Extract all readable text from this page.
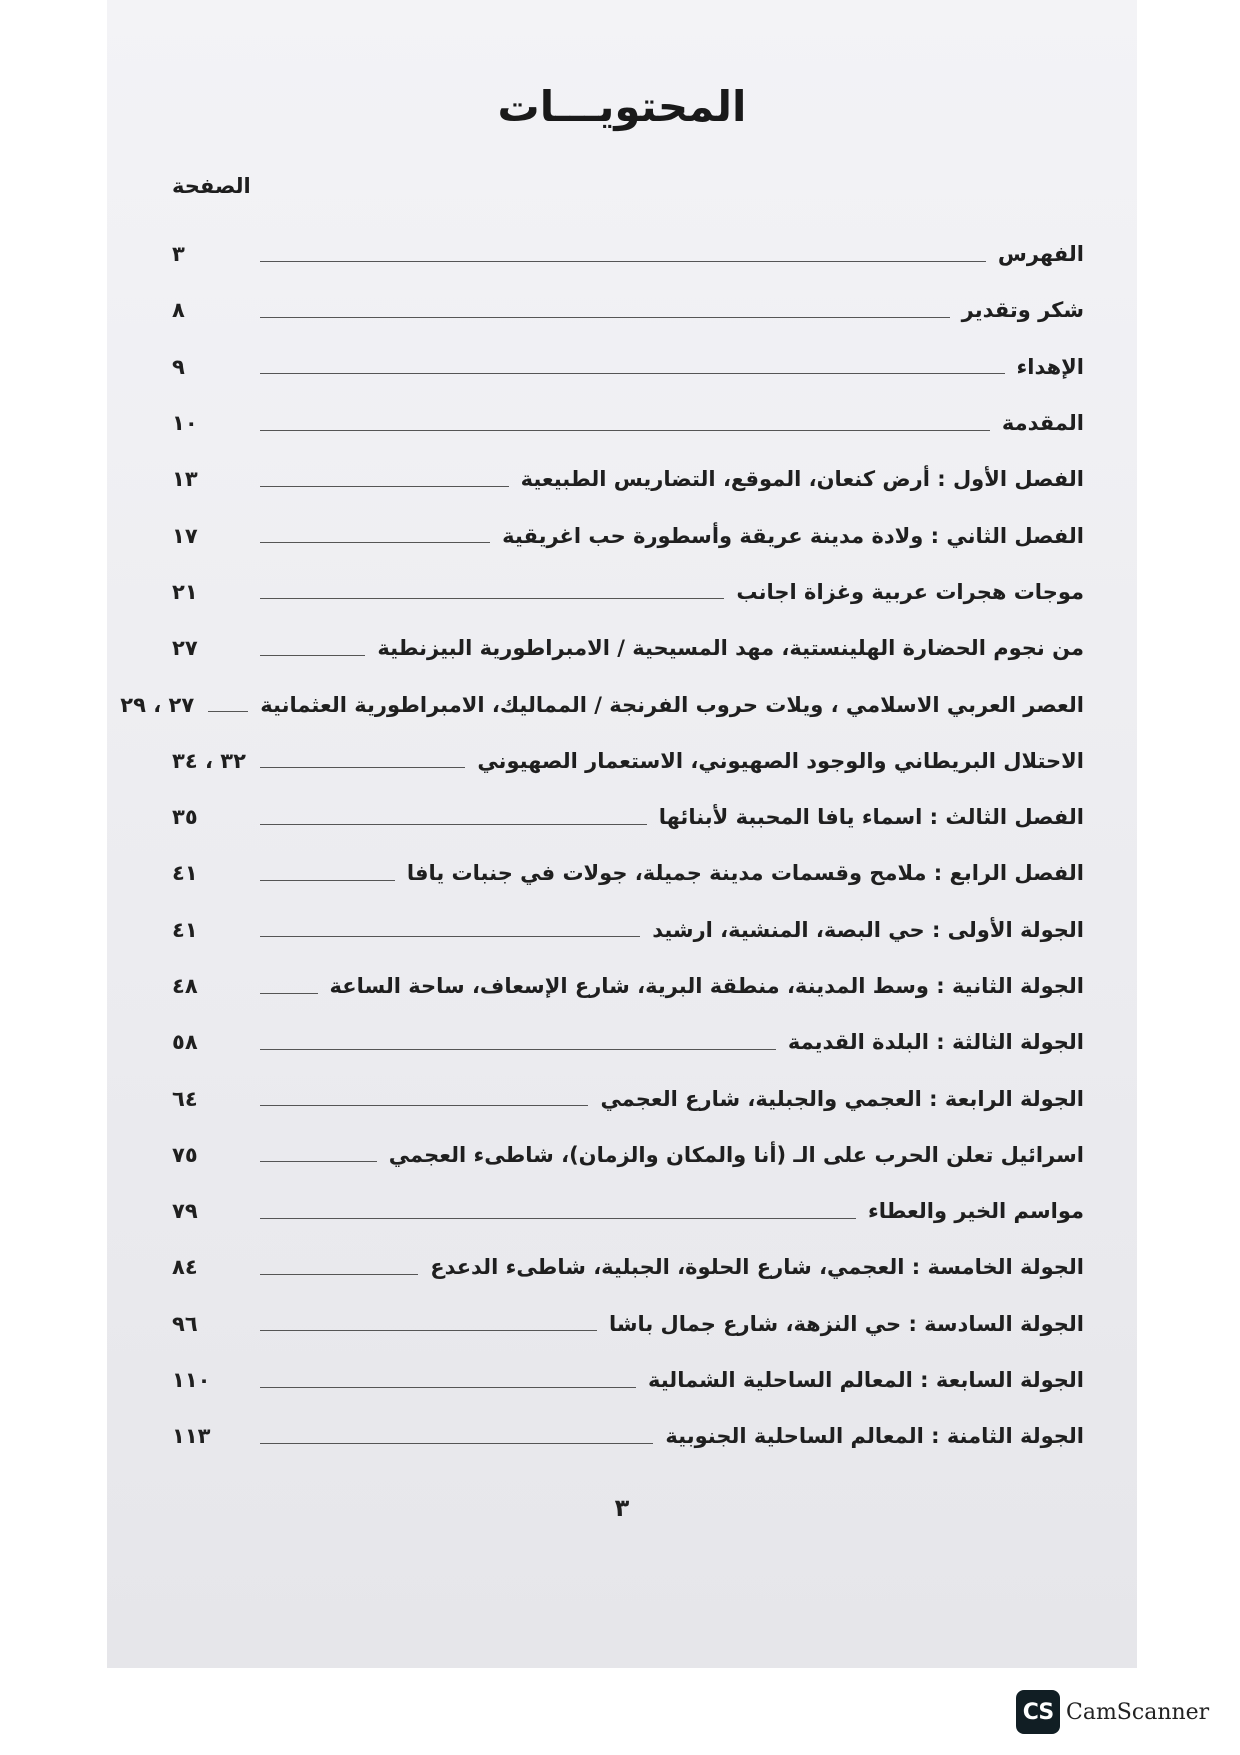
المحتويـــات
الصفحة
الفهرس
٣
شكر وتقدير
٨
الإهداء
٩
المقدمة
١٠
الفصل الأول : أرض كنعان، الموقع، التضاريس الطبيعية
١٣
الفصل الثاني : ولادة مدينة عريقة وأسطورة حب اغريقية
١٧
موجات هجرات عربية وغزاة اجانب
٢١
من نجوم الحضارة الهلينستية، مهد المسيحية / الامبراطورية البيزنطية
٢٧
العصر العربي الاسلامي ، ويلات حروب الفرنجة / المماليك، الامبراطورية العثمانية
٢٧ ، ٢٩
الاحتلال البريطاني والوجود الصهيوني، الاستعمار الصهيوني
٣٢ ، ٣٤
الفصل الثالث : اسماء يافا المحببة لأبنائها
٣٥
الفصل الرابع : ملامح وقسمات مدينة جميلة، جولات في جنبات يافا
٤١
الجولة الأولى : حي البصة، المنشية، ارشيد
٤١
الجولة الثانية : وسط المدينة، منطقة البرية، شارع الإسعاف، ساحة الساعة
٤٨
الجولة الثالثة : البلدة القديمة
٥٨
الجولة الرابعة : العجمي والجبلية، شارع العجمي
٦٤
اسرائيل تعلن الحرب على الـ (أنا والمكان والزمان)، شاطىء العجمي
٧٥
مواسم الخير والعطاء
٧٩
الجولة الخامسة : العجمي، شارع الحلوة، الجبلية، شاطىء الدعدع
٨٤
الجولة السادسة : حي النزهة، شارع جمال باشا
٩٦
الجولة السابعة : المعالم الساحلية الشمالية
١١٠
الجولة الثامنة : المعالم الساحلية الجنوبية
١١٣
٣
CS CamScanner
